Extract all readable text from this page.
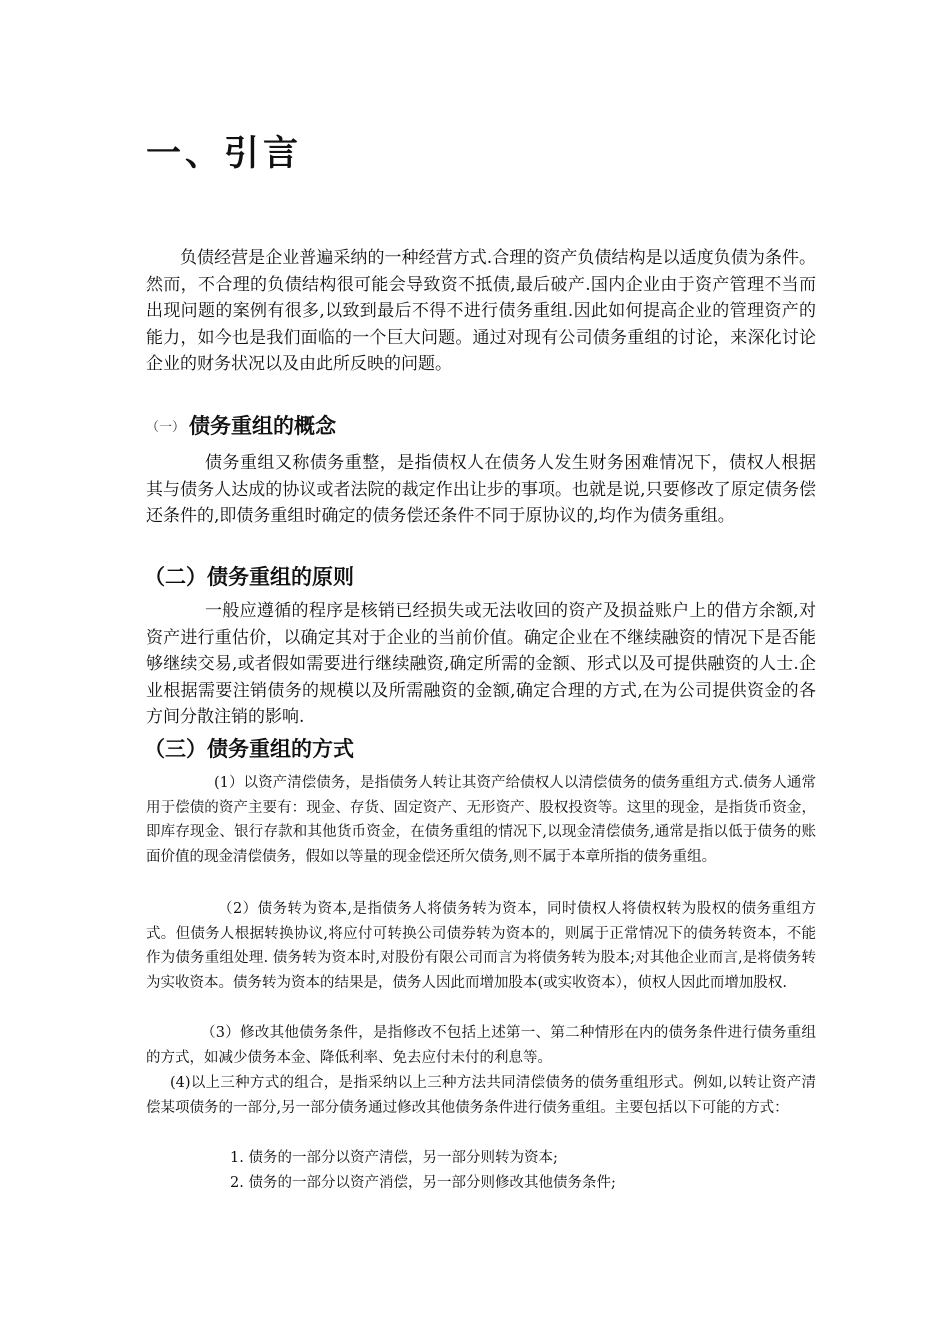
一、引言

负债经营是企业普遍采纳的一种经营方式.合理的资产负债结构是以适度负债为条件。然而，不合理的负债结构很可能会导致资不抵债,最后破产.国内企业由于资产管理不当而出现问题的案例有很多,以致到最后不得不进行债务重组.因此如何提高企业的管理资产的能力，如今也是我们面临的一个巨大问题。通过对现有公司债务重组的讨论，来深化讨论企业的财务状况以及由此所反映的问题。

（一） 债务重组的概念

债务重组又称债务重整，是指债权人在债务人发生财务困难情况下，债权人根据其与债务人达成的协议或者法院的裁定作出让步的事项。也就是说,只要修改了原定债务偿还条件的,即债务重组时确定的债务偿还条件不同于原协议的,均作为债务重组。

（二）债务重组的原则

一般应遵循的程序是核销已经损失或无法收回的资产及损益账户上的借方余额,对资产进行重估价，以确定其对于企业的当前价值。确定企业在不继续融资的情况下是否能够继续交易,或者假如需要进行继续融资,确定所需的金额、形式以及可提供融资的人士.企业根据需要注销债务的规模以及所需融资的金额,确定合理的方式,在为公司提供资金的各方间分散注销的影响.

（三）债务重组的方式

(1）以资产清偿债务，是指债务人转让其资产给债权人以清偿债务的债务重组方式.债务人通常用于偿债的资产主要有：现金、存货、固定资产、无形资产、股权投资等。这里的现金，是指货币资金，即库存现金、银行存款和其他货币资金，在债务重组的情况下,以现金清偿债务,通常是指以低于债务的账面价值的现金清偿债务，假如以等量的现金偿还所欠债务,则不属于本章所指的债务重组。

（2）债务转为资本,是指债务人将债务转为资本，同时债权人将债权转为股权的债务重组方式。但债务人根据转换协议,将应付可转换公司债券转为资本的，则属于正常情况下的债务转资本，不能作为债务重组处理. 债务转为资本时,对股份有限公司而言为将债务转为股本;对其他企业而言,是将债务转为实收资本。债务转为资本的结果是，债务人因此而增加股本(或实收资本），侦权人因此而增加股权.

（3）修改其他债务条件，是指修改不包括上述第一、第二种情形在内的债务条件进行债务重组的方式，如减少债务本金、降低利率、免去应付未付的利息等。

(4)以上三种方式的组合，是指采纳以上三种方法共同清偿债务的债务重组形式。例如,以转让资产清偿某项债务的一部分,另一部分债务通过修改其他债务条件进行债务重组。主要包括以下可能的方式：

1. 债务的一部分以资产清偿，另一部分则转为资本;
2. 债务的一部分以资产消偿，另一部分则修改其他债务条件;
